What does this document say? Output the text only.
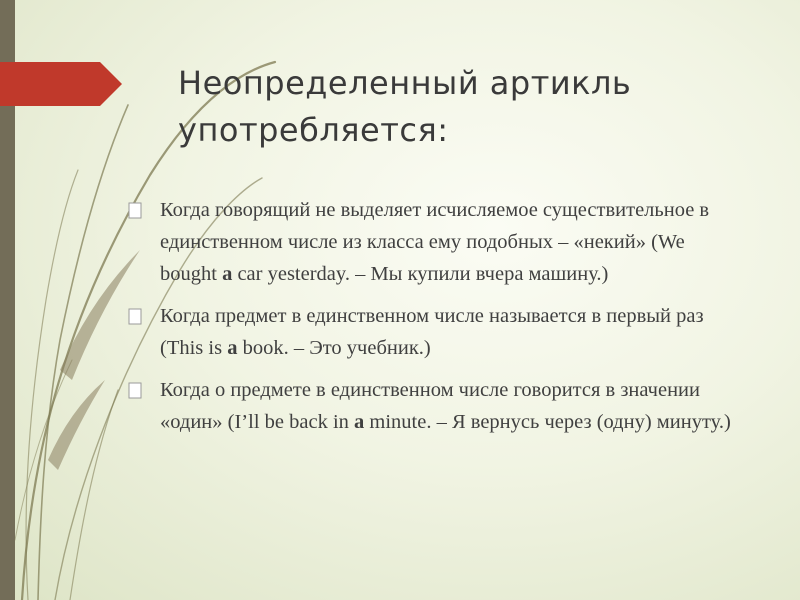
Неопределенный артикль употребляется:
Когда говорящий не выделяет исчисляемое существительное в единственном числе из класса ему подобных – «некий» (We bought a car yesterday. – Мы купили вчера машину.)
Когда предмет в единственном числе называется в первый раз (This is a book. – Это учебник.)
Когда о предмете в единственном числе говорится в значении «один» (I’ll be back in a minute. – Я вернусь через (одну) минуту.)
